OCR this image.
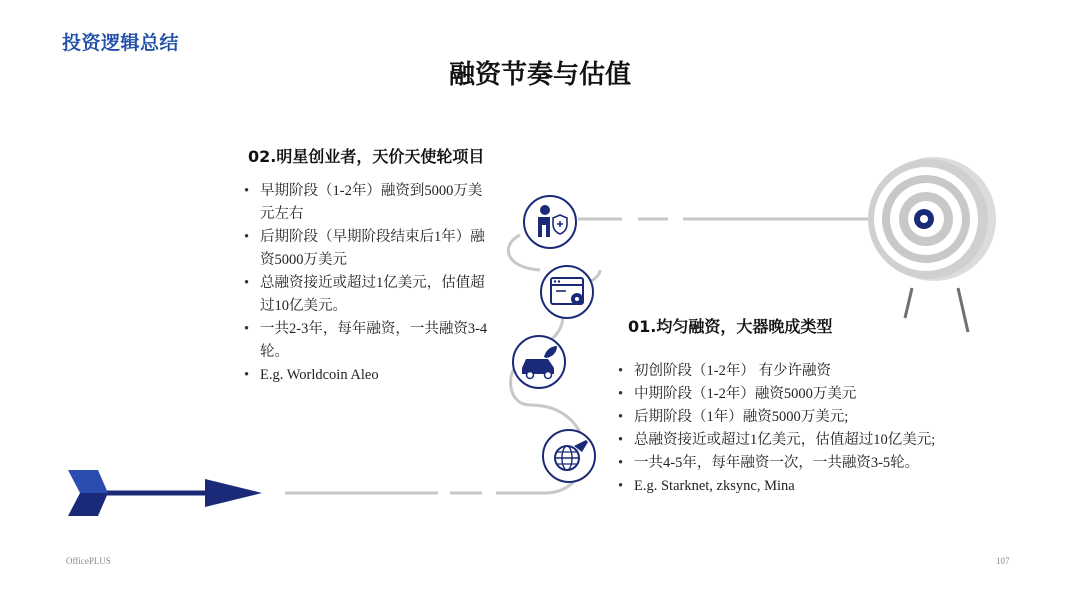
投资逻辑总结
融资节奏与估值
02.明星创业者，天价天使轮项目
• 早期阶段（1-2年）融资到5000万美元左右
• 后期阶段（早期阶段结束后1年）融资5000万美元
• 总融资接近或超过1亿美元，估值超过10亿美元。
• 一共2-3年，每年融资，一共融资3-4轮。
• E.g. Worldcoin Aleo
01.均匀融资，大器晚成类型
• 初创阶段（1-2年） 有少许融资
• 中期阶段（1-2年）融资5000万美元
• 后期阶段（1年）融资5000万美元;
• 总融资接近或超过1亿美元，估值超过10亿美元;
• 一共4-5年，每年融资一次，一共融资3-5轮。
• E.g. Starknet, zksync, Mina
OfficePLUS	107
